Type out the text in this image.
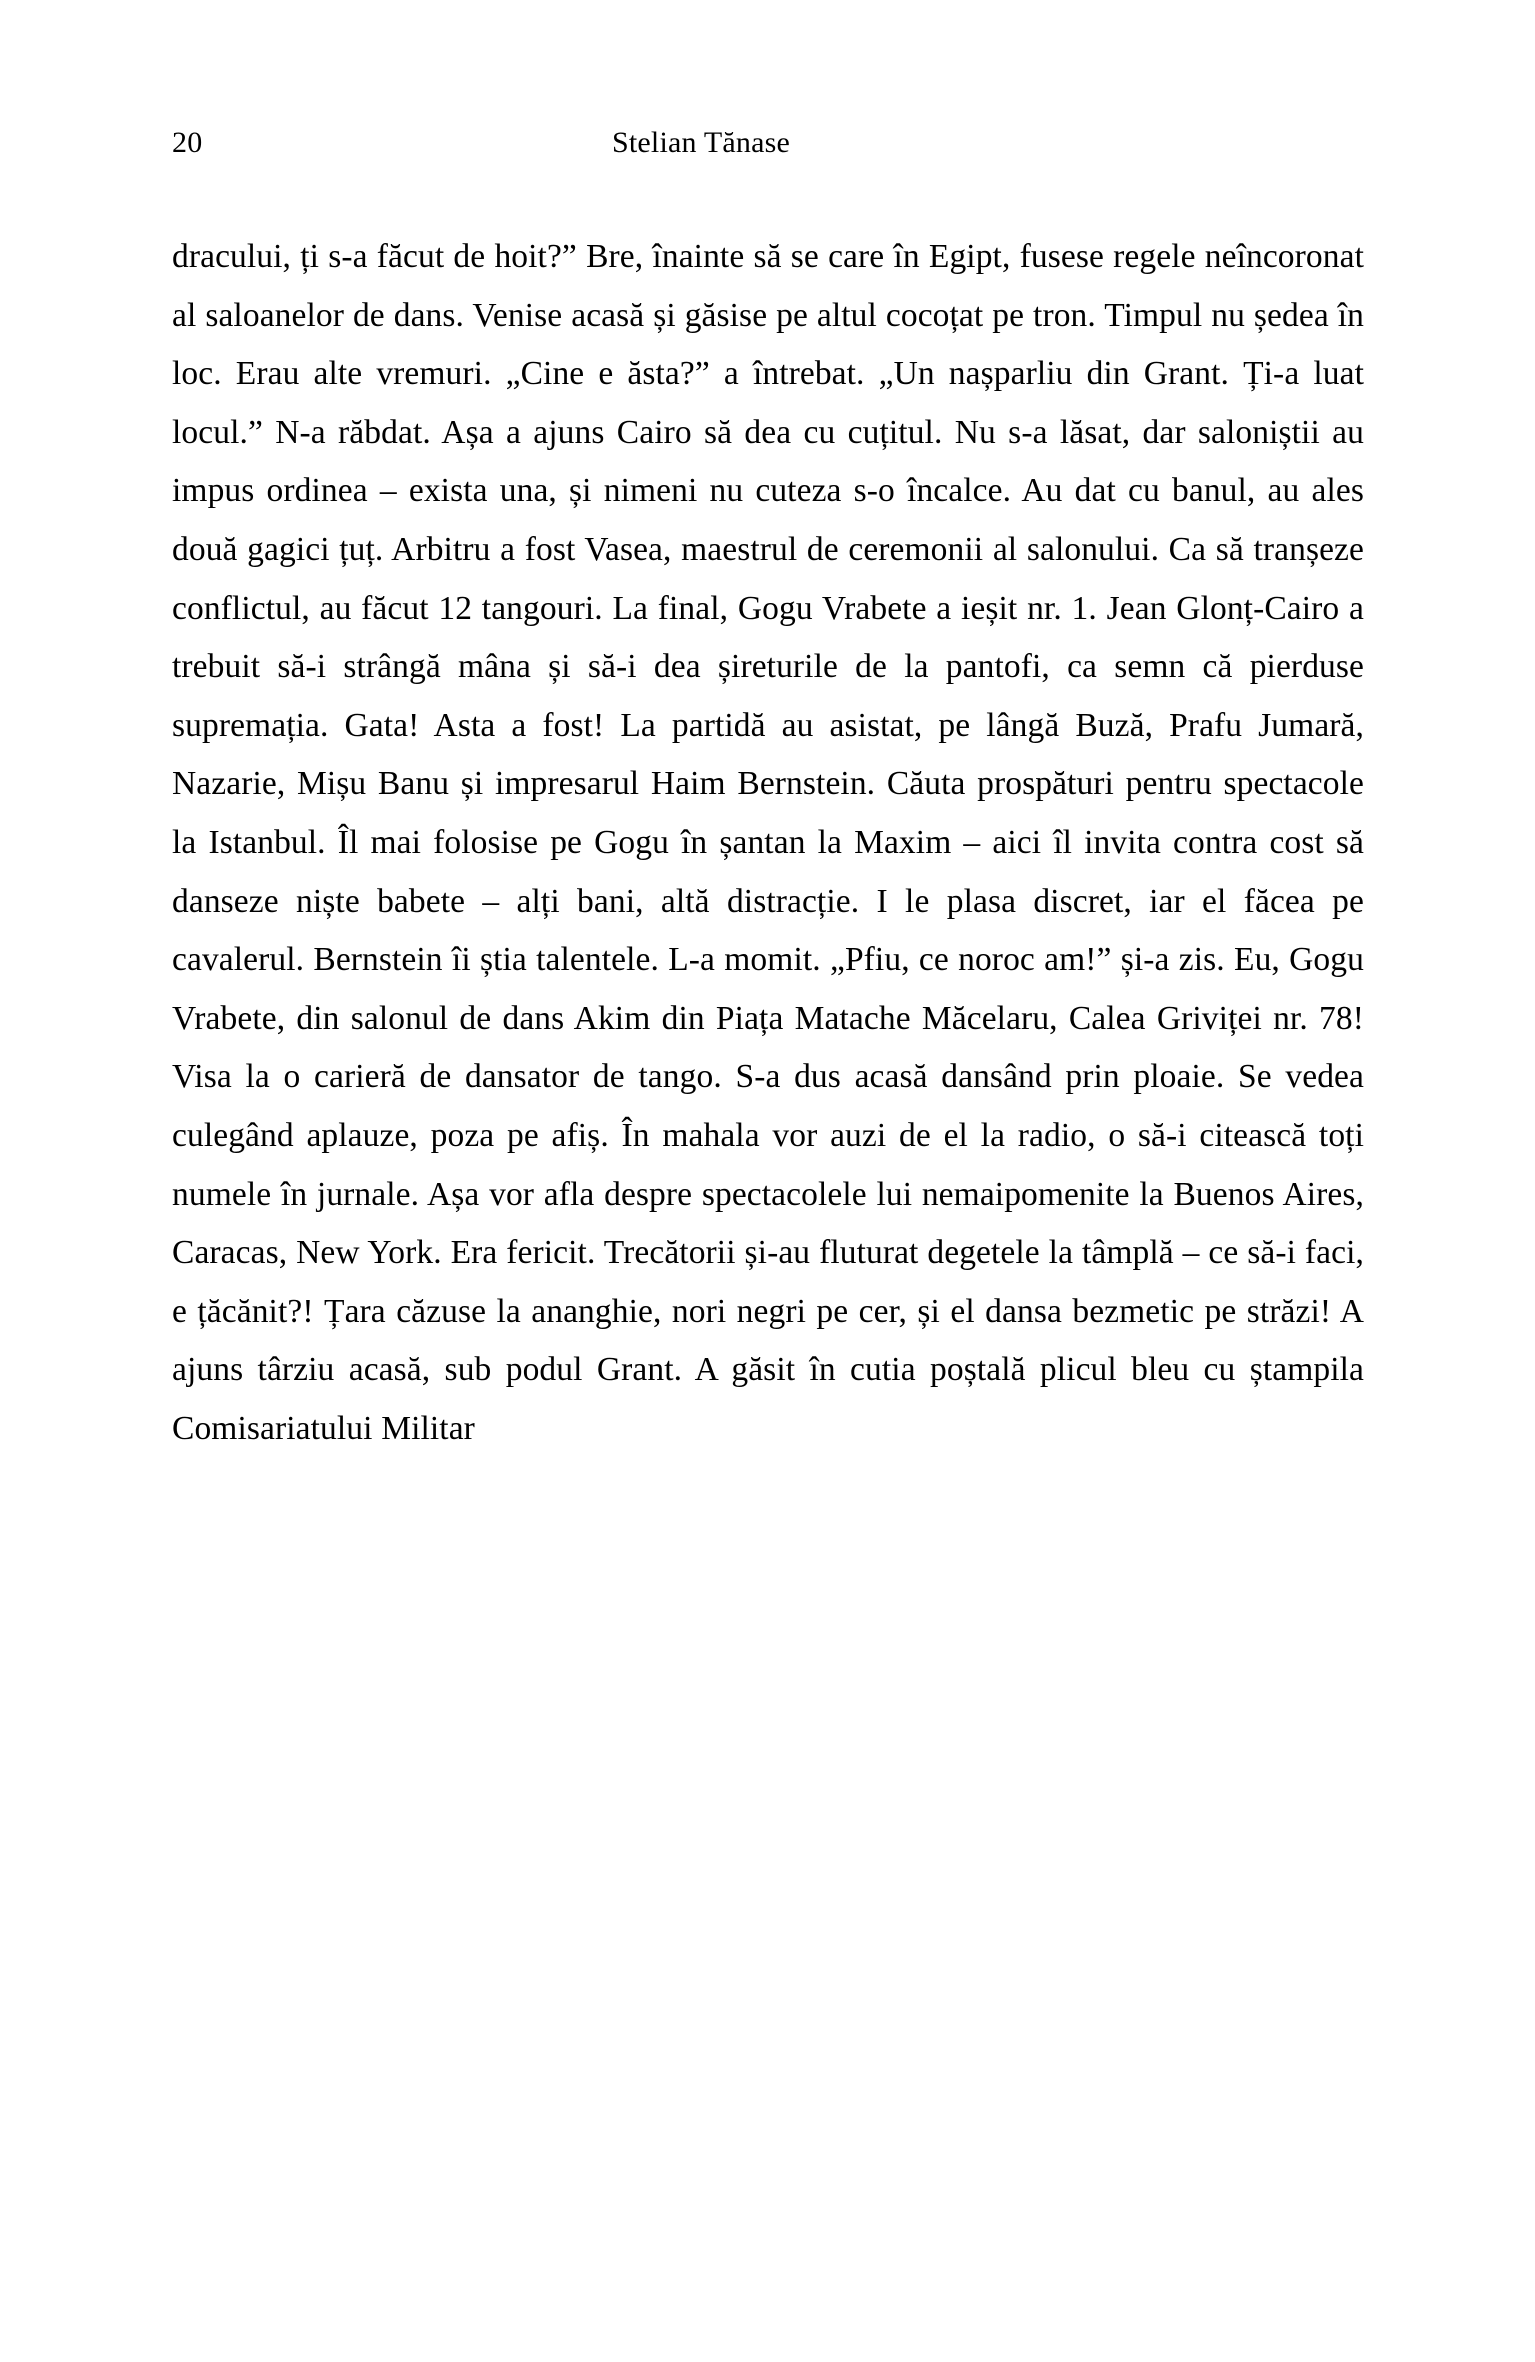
20	Stelian Tănase

dracului, ți s-a făcut de hoit?” Bre, înainte să se care în Egipt, fusese regele neîncoronat al saloanelor de dans. Venise acasă și găsise pe altul cocoțat pe tron. Timpul nu ședea în loc. Erau alte vremuri. „Cine e ăsta?” a întrebat. „Un nașparliu din Grant. Ți-a luat locul.” N-a răbdat. Așa a ajuns Cairo să dea cu cuțitul. Nu s-a lăsat, dar saloniștii au impus ordinea – exista una, și nimeni nu cuteza s-o încalce. Au dat cu banul, au ales două gagici țuț. Arbitru a fost Vasea, maestrul de ceremonii al salonului. Ca să tranșeze conflictul, au făcut 12 tangouri. La final, Gogu Vrabete a ieșit nr. 1. Jean Glonț-Cairo a trebuit să-i strângă mâna și să-i dea șireturile de la pantofi, ca semn că pierduse supremația. Gata! Asta a fost! La partidă au asistat, pe lângă Buză, Prafu Jumară, Nazarie, Mișu Banu și impresarul Haim Bernstein. Căuta prospături pentru spectacole la Istanbul. Îl mai folosise pe Gogu în șantan la Maxim – aici îl invita contra cost să danseze niște babete – alți bani, altă distracție. I le plasa discret, iar el făcea pe cavalerul. Bernstein îi știa talentele. L-a momit. „Pfiu, ce noroc am!” și-a zis. Eu, Gogu Vrabete, din salonul de dans Akim din Piața Matache Măcelaru, Calea Griviței nr. 78! Visa la o carieră de dansator de tango. S-a dus acasă dansând prin ploaie. Se vedea culegând aplauze, poza pe afiș. În mahala vor auzi de el la radio, o să-i citească toți numele în jurnale. Așa vor afla despre spectacolele lui nemaipomenite la Buenos Aires, Caracas, New York. Era fericit. Trecătorii și-au fluturat degetele la tâmplă – ce să-i faci, e țăcănit?! Țara căzuse la ananghie, nori negri pe cer, și el dansa bezmetic pe străzi! A ajuns târziu acasă, sub podul Grant. A găsit în cutia poștală plicul bleu cu ștampila Comisariatului Militar
